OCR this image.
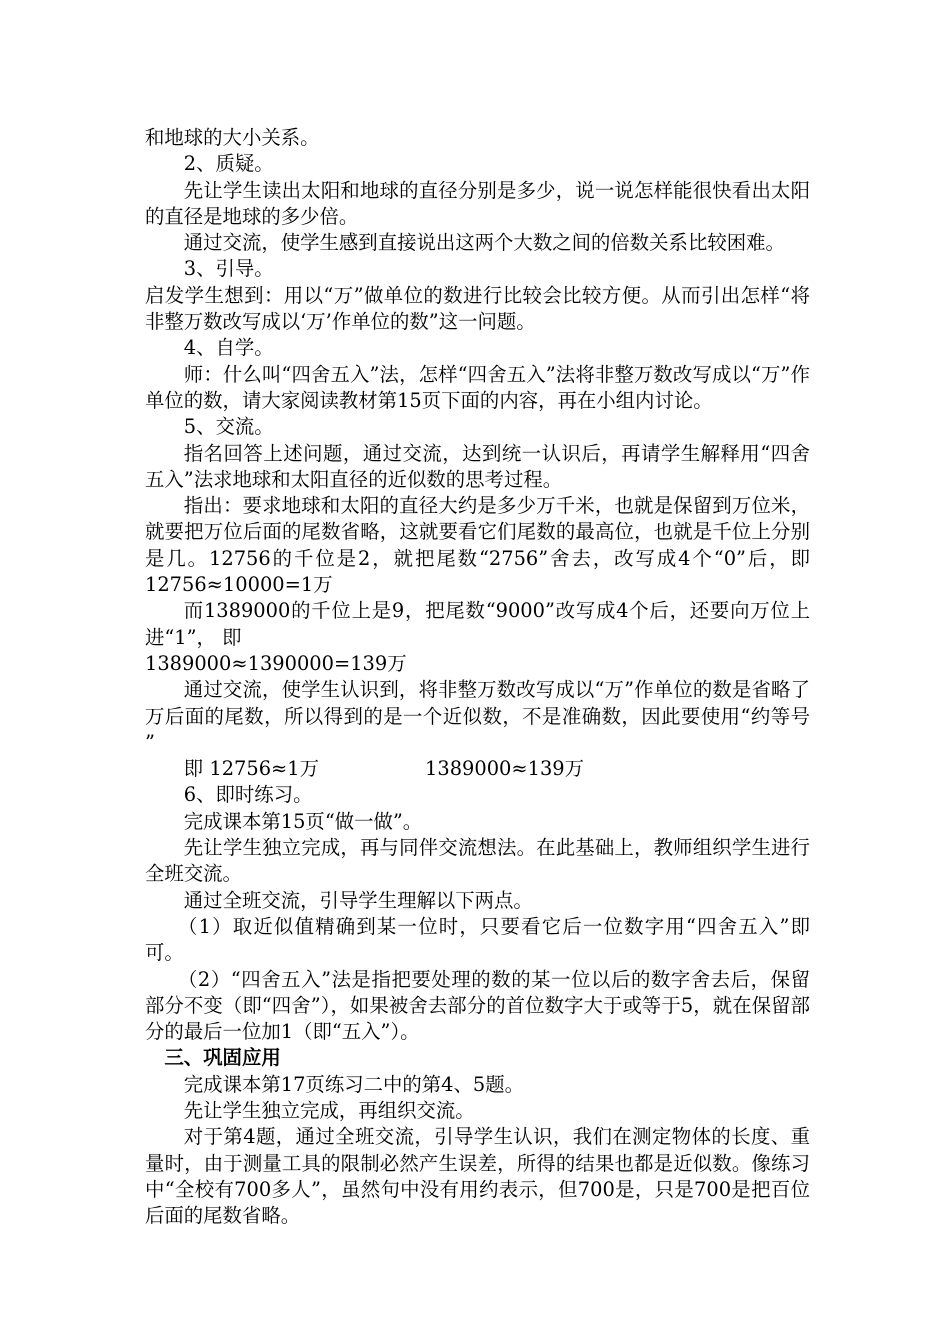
和地球的大小关系。

2、质疑。

先让学生读出太阳和地球的直径分别是多少，说一说怎样能很快看出太阳的直径是地球的多少倍。

通过交流，使学生感到直接说出这两个大数之间的倍数关系比较困难。

3、引导。

启发学生想到：用以“万”做单位的数进行比较会比较方便。从而引出怎样“将非整万数改写成以‘万’作单位的数”这一问题。

4、自学。

师：什么叫“四舍五入”法，怎样“四舍五入”法将非整万数改写成以“万”作单位的数，请大家阅读教材第15页下面的内容，再在小组内讨论。

5、交流。

指名回答上述问题，通过交流，达到统一认识后，再请学生解释用“四舍五入”法求地球和太阳直径的近似数的思考过程。

指出：要求地球和太阳的直径大约是多少万千米，也就是保留到万位米，就要把万位后面的尾数省略，这就要看它们尾数的最高位，也就是千位上分别是几。12756的千位是2，就把尾数“2756”舍去，改写成4个“0”后，即 12756≈10000=1万

而1389000的千位上是9，把尾数“9000”改写成4个后，还要向万位上进“1”， 即

1389000≈1390000=139万

通过交流，使学生认识到，将非整万数改写成以“万”作单位的数是省略了万后面的尾数，所以得到的是一个近似数，不是准确数，因此要使用“约等号 ”

即 12756≈1万	1389000≈139万

6、即时练习。

完成课本第15页“做一做”。

先让学生独立完成，再与同伴交流想法。在此基础上，教师组织学生进行全班交流。

通过全班交流，引导学生理解以下两点。

（1）取近似值精确到某一位时，只要看它后一位数字用“四舍五入”即可。

（2）“四舍五入”法是指把要处理的数的某一位以后的数字舍去后，保留部分不变（即“四舍”），如果被舍去部分的首位数字大于或等于5，就在保留部分的最后一位加1（即“五入”）。

三、巩固应用

完成课本第17页练习二中的第4、5题。

先让学生独立完成，再组织交流。

对于第4题，通过全班交流，引导学生认识，我们在测定物体的长度、重量时，由于测量工具的限制必然产生误差，所得的结果也都是近似数。像练习中“全校有700多人”，虽然句中没有用约表示，但700是，只是700是把百位后面的尾数省略。
